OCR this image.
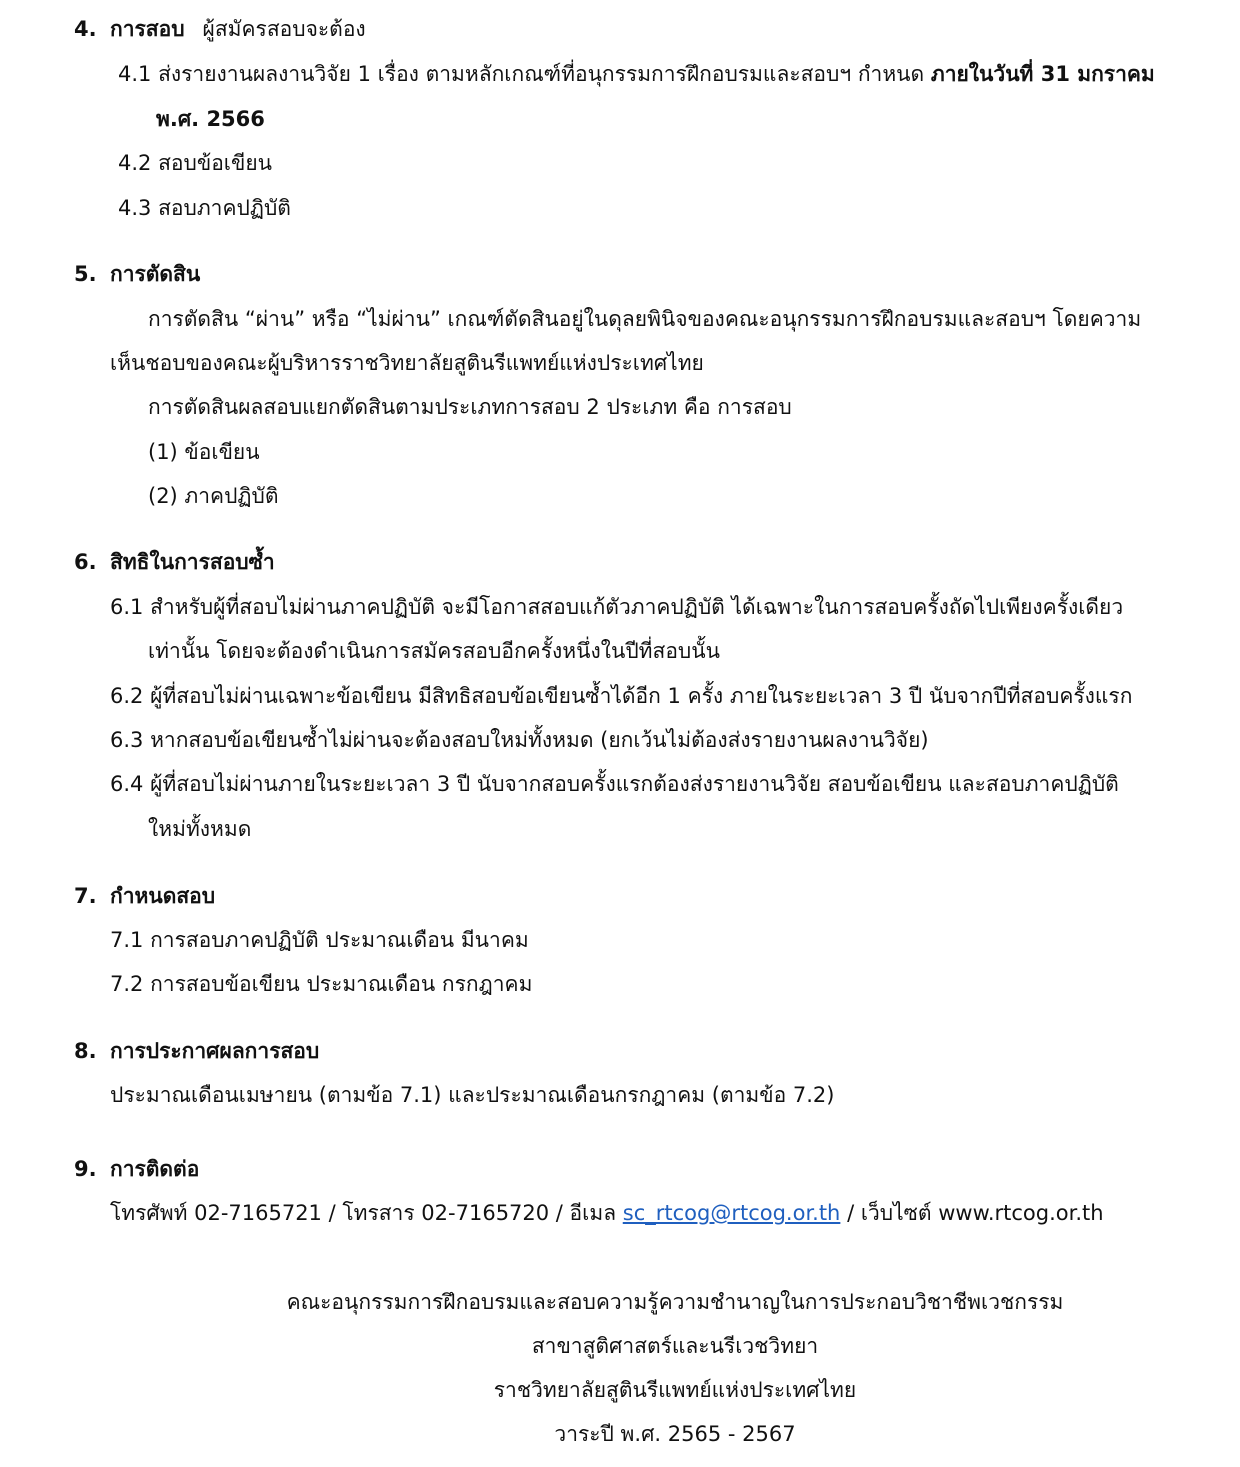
4. การสอบ ผู้สมัครสอบจะต้อง
4.1 ส่งรายงานผลงานวิจัย 1 เรื่อง ตามหลักเกณฑ์ที่อนุกรรมการฝึกอบรมและสอบฯ กำหนด ภายในวันที่ 31 มกราคม
พ.ศ. 2566
4.2 สอบข้อเขียน
4.3 สอบภาคปฏิบัติ
5. การตัดสิน
การตัดสิน “ผ่าน” หรือ “ไม่ผ่าน” เกณฑ์ตัดสินอยู่ในดุลยพินิจของคณะอนุกรรมการฝึกอบรมและสอบฯ โดยความ
เห็นชอบของคณะผู้บริหารราชวิทยาลัยสูตินรีแพทย์แห่งประเทศไทย
การตัดสินผลสอบแยกตัดสินตามประเภทการสอบ 2 ประเภท คือ การสอบ
(1) ข้อเขียน
(2) ภาคปฏิบัติ
6. สิทธิในการสอบซ้ำ
6.1 สำหรับผู้ที่สอบไม่ผ่านภาคปฏิบัติ จะมีโอกาสสอบแก้ตัวภาคปฏิบัติ ได้เฉพาะในการสอบครั้งถัดไปเพียงครั้งเดียว
เท่านั้น โดยจะต้องดำเนินการสมัครสอบอีกครั้งหนึ่งในปีที่สอบนั้น
6.2 ผู้ที่สอบไม่ผ่านเฉพาะข้อเขียน มีสิทธิสอบข้อเขียนซ้ำได้อีก 1 ครั้ง ภายในระยะเวลา 3 ปี นับจากปีที่สอบครั้งแรก
6.3 หากสอบข้อเขียนซ้ำไม่ผ่านจะต้องสอบใหม่ทั้งหมด (ยกเว้นไม่ต้องส่งรายงานผลงานวิจัย)
6.4 ผู้ที่สอบไม่ผ่านภายในระยะเวลา 3 ปี นับจากสอบครั้งแรกต้องส่งรายงานวิจัย สอบข้อเขียน และสอบภาคปฏิบัติ
ใหม่ทั้งหมด
7. กำหนดสอบ
7.1 การสอบภาคปฏิบัติ ประมาณเดือน มีนาคม
7.2 การสอบข้อเขียน ประมาณเดือน กรกฎาคม
8. การประกาศผลการสอบ
ประมาณเดือนเมษายน (ตามข้อ 7.1) และประมาณเดือนกรกฎาคม (ตามข้อ 7.2)
9. การติดต่อ
โทรศัพท์ 02-7165721 / โทรสาร 02-7165720 / อีเมล sc_rtcog@rtcog.or.th / เว็บไซต์ www.rtcog.or.th
คณะอนุกรรมการฝึกอบรมและสอบความรู้ความชำนาญในการประกอบวิชาชีพเวชกรรม
สาขาสูติศาสตร์และนรีเวชวิทยา
ราชวิทยาลัยสูตินรีแพทย์แห่งประเทศไทย
วาระปี พ.ศ. 2565 - 2567
